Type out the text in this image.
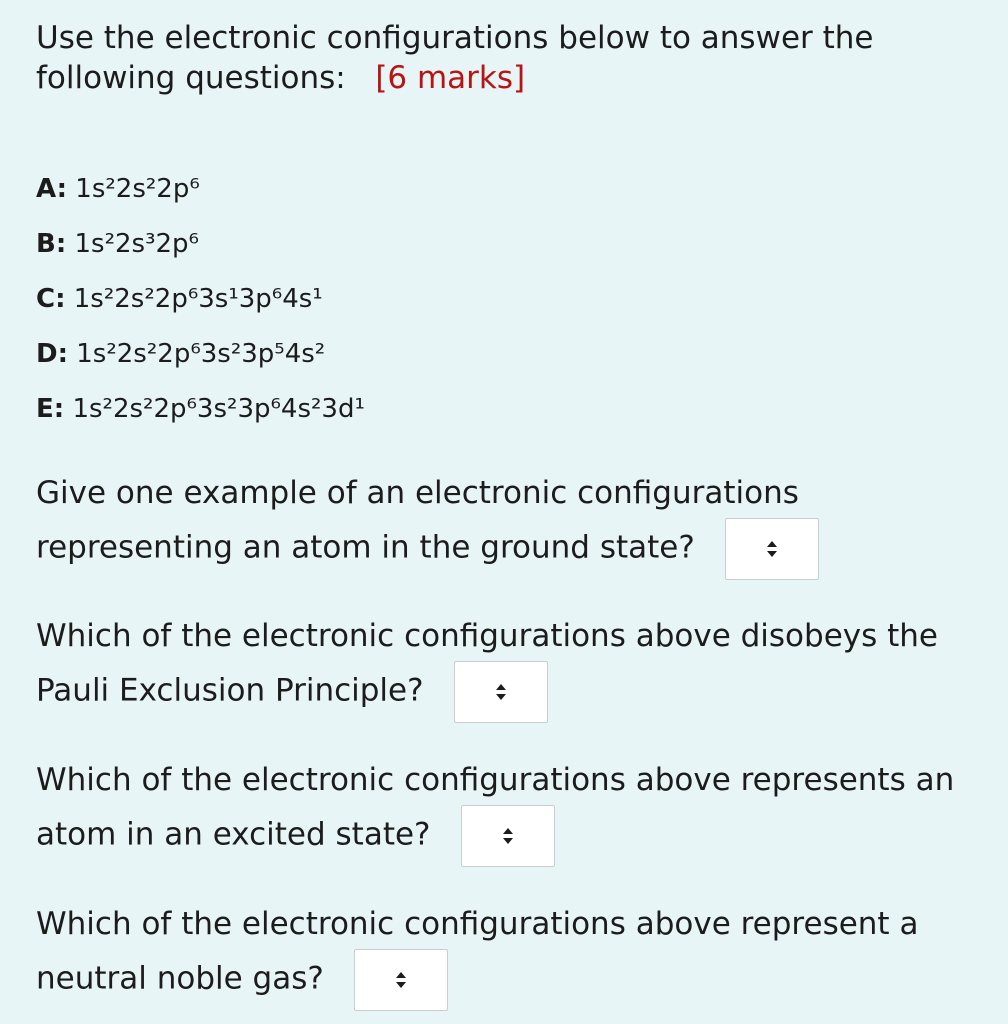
Use the electronic configurations below to answer the following questions: [6 marks]
A: 1s²2s²2p⁶
B: 1s²2s³2p⁶
C: 1s²2s²2p⁶3s¹3p⁶4s¹
D: 1s²2s²2p⁶3s²3p⁵4s²
E: 1s²2s²2p⁶3s²3p⁶4s²3d¹
Give one example of an electronic configurations representing an atom in the ground state?
Which of the electronic configurations above disobeys the Pauli Exclusion Principle?
Which of the electronic configurations above represents an atom in an excited state?
Which of the electronic configurations above represent a neutral noble gas?
